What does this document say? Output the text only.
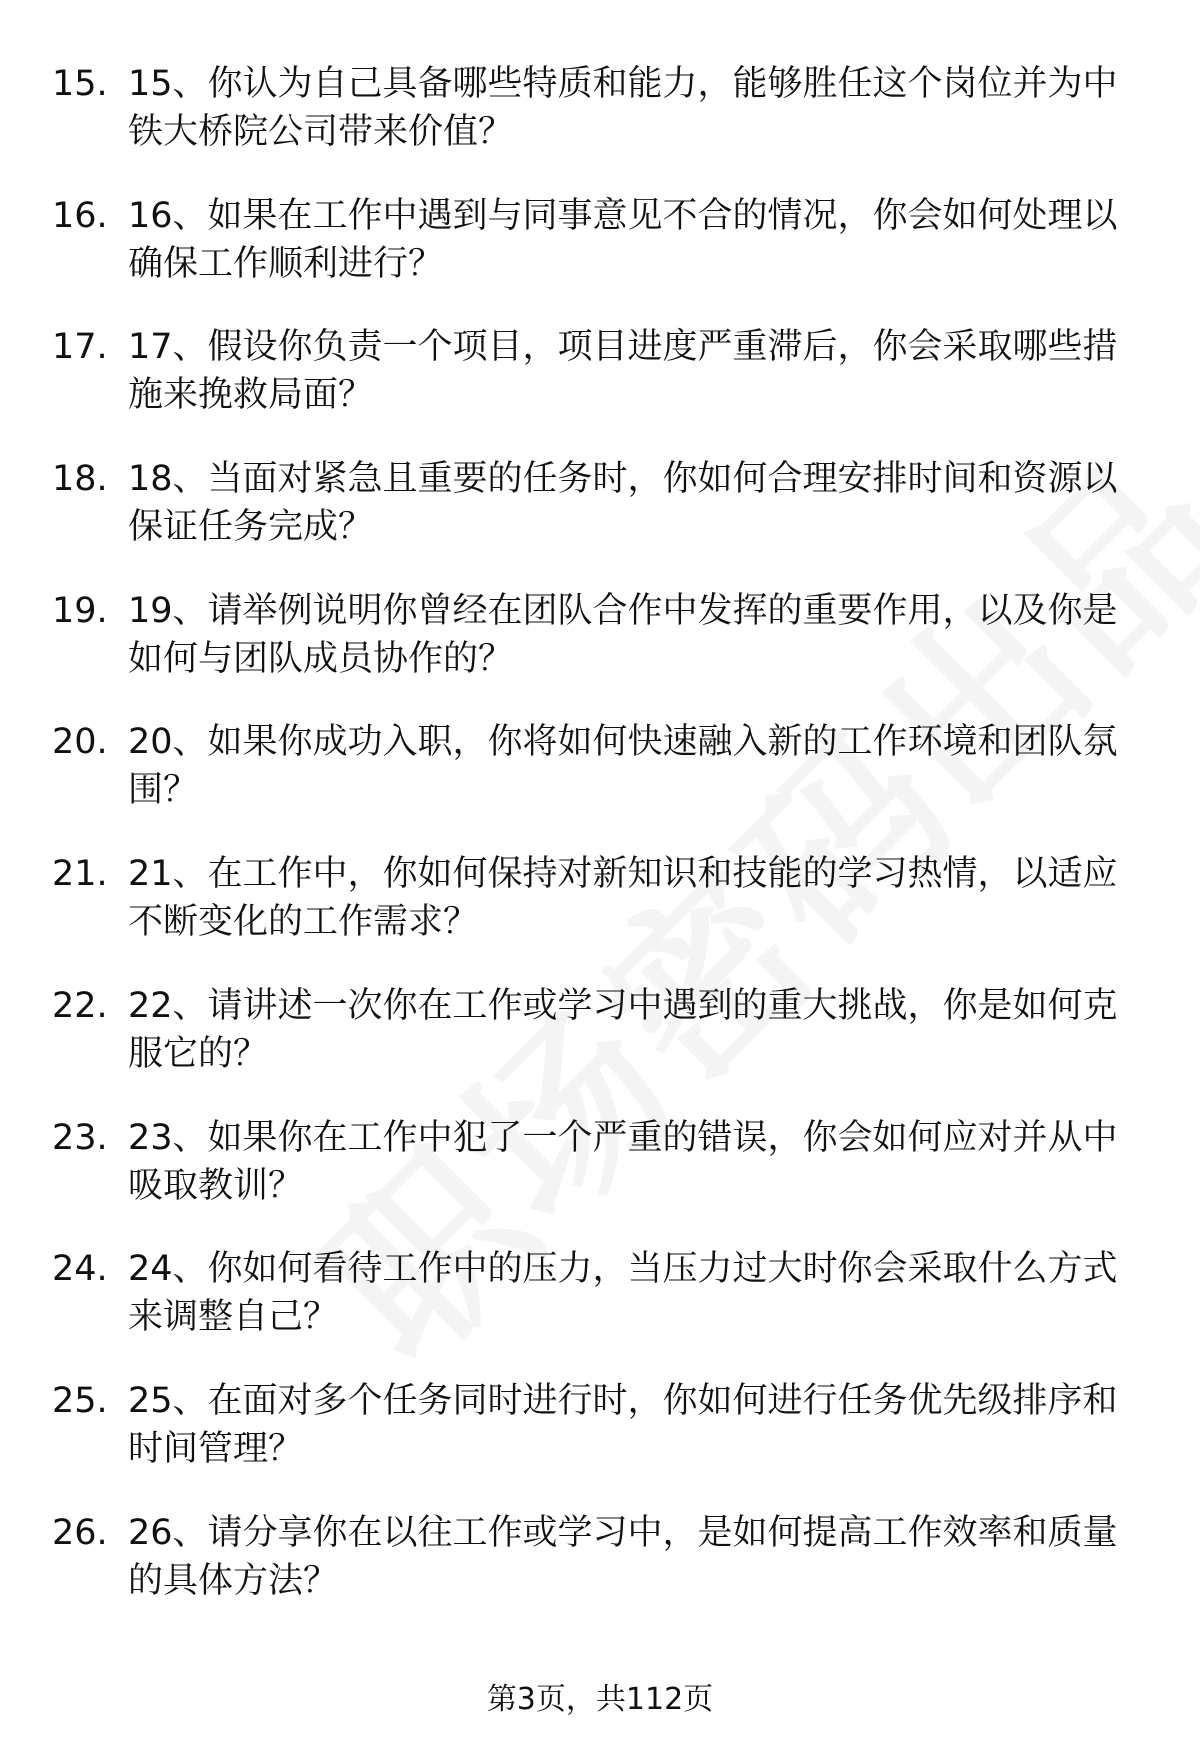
15. 15、你认为自己具备哪些特质和能力，能够胜任这个岗位并为中
铁大桥院公司带来价值？
16. 16、如果在工作中遇到与同事意见不合的情况，你会如何处理以
确保工作顺利进行？
17. 17、假设你负责一个项目，项目进度严重滞后，你会采取哪些措
施来挽救局面？
18. 18、当面对紧急且重要的任务时，你如何合理安排时间和资源以
保证任务完成？
19. 19、请举例说明你曾经在团队合作中发挥的重要作用，以及你是
如何与团队成员协作的？
20. 20、如果你成功入职，你将如何快速融入新的工作环境和团队氛
围？
21. 21、在工作中，你如何保持对新知识和技能的学习热情，以适应
不断变化的工作需求？
22. 22、请讲述一次你在工作或学习中遇到的重大挑战，你是如何克
服它的？
23. 23、如果你在工作中犯了一个严重的错误，你会如何应对并从中
吸取教训？
24. 24、你如何看待工作中的压力，当压力过大时你会采取什么方式
来调整自己？
25. 25、在面对多个任务同时进行时，你如何进行任务优先级排序和
时间管理？
26. 26、请分享你在以往工作或学习中，是如何提高工作效率和质量
的具体方法？
第3页，共112页
